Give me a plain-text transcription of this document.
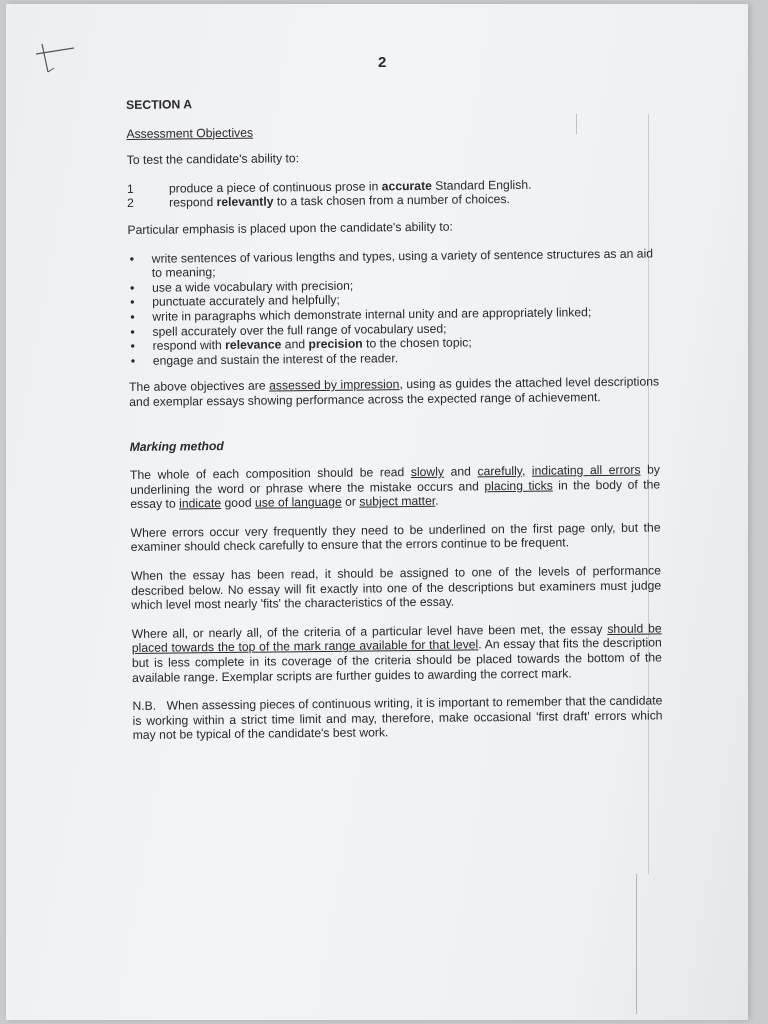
2
SECTION A
Assessment Objectives

To test the candidate's ability to:

1	produce a piece of continuous prose in accurate Standard English.
2	respond relevantly to a task chosen from a number of choices.

Particular emphasis is placed upon the candidate's ability to:

• write sentences of various lengths and types, using a variety of sentence structures as an aid to meaning;
• use a wide vocabulary with precision;
• punctuate accurately and helpfully;
• write in paragraphs which demonstrate internal unity and are appropriately linked;
• spell accurately over the full range of vocabulary used;
• respond with relevance and precision to the chosen topic;
• engage and sustain the interest of the reader.

The above objectives are assessed by impression, using as guides the attached level descriptions and exemplar essays showing performance across the expected range of achievement.

Marking method

The whole of each composition should be read slowly and carefully, indicating all errors by underlining the word or phrase where the mistake occurs and placing ticks in the body of the essay to indicate good use of language or subject matter.

Where errors occur very frequently they need to be underlined on the first page only, but the examiner should check carefully to ensure that the errors continue to be frequent.

When the essay has been read, it should be assigned to one of the levels of performance described below. No essay will fit exactly into one of the descriptions but examiners must judge which level most nearly 'fits' the characteristics of the essay.

Where all, or nearly all, of the criteria of a particular level have been met, the essay should be placed towards the top of the mark range available for that level. An essay that fits the description but is less complete in its coverage of the criteria should be placed towards the bottom of the available range. Exemplar scripts are further guides to awarding the correct mark.

N.B.   When assessing pieces of continuous writing, it is important to remember that the candidate is working within a strict time limit and may, therefore, make occasional 'first draft' errors which may not be typical of the candidate's best work.
